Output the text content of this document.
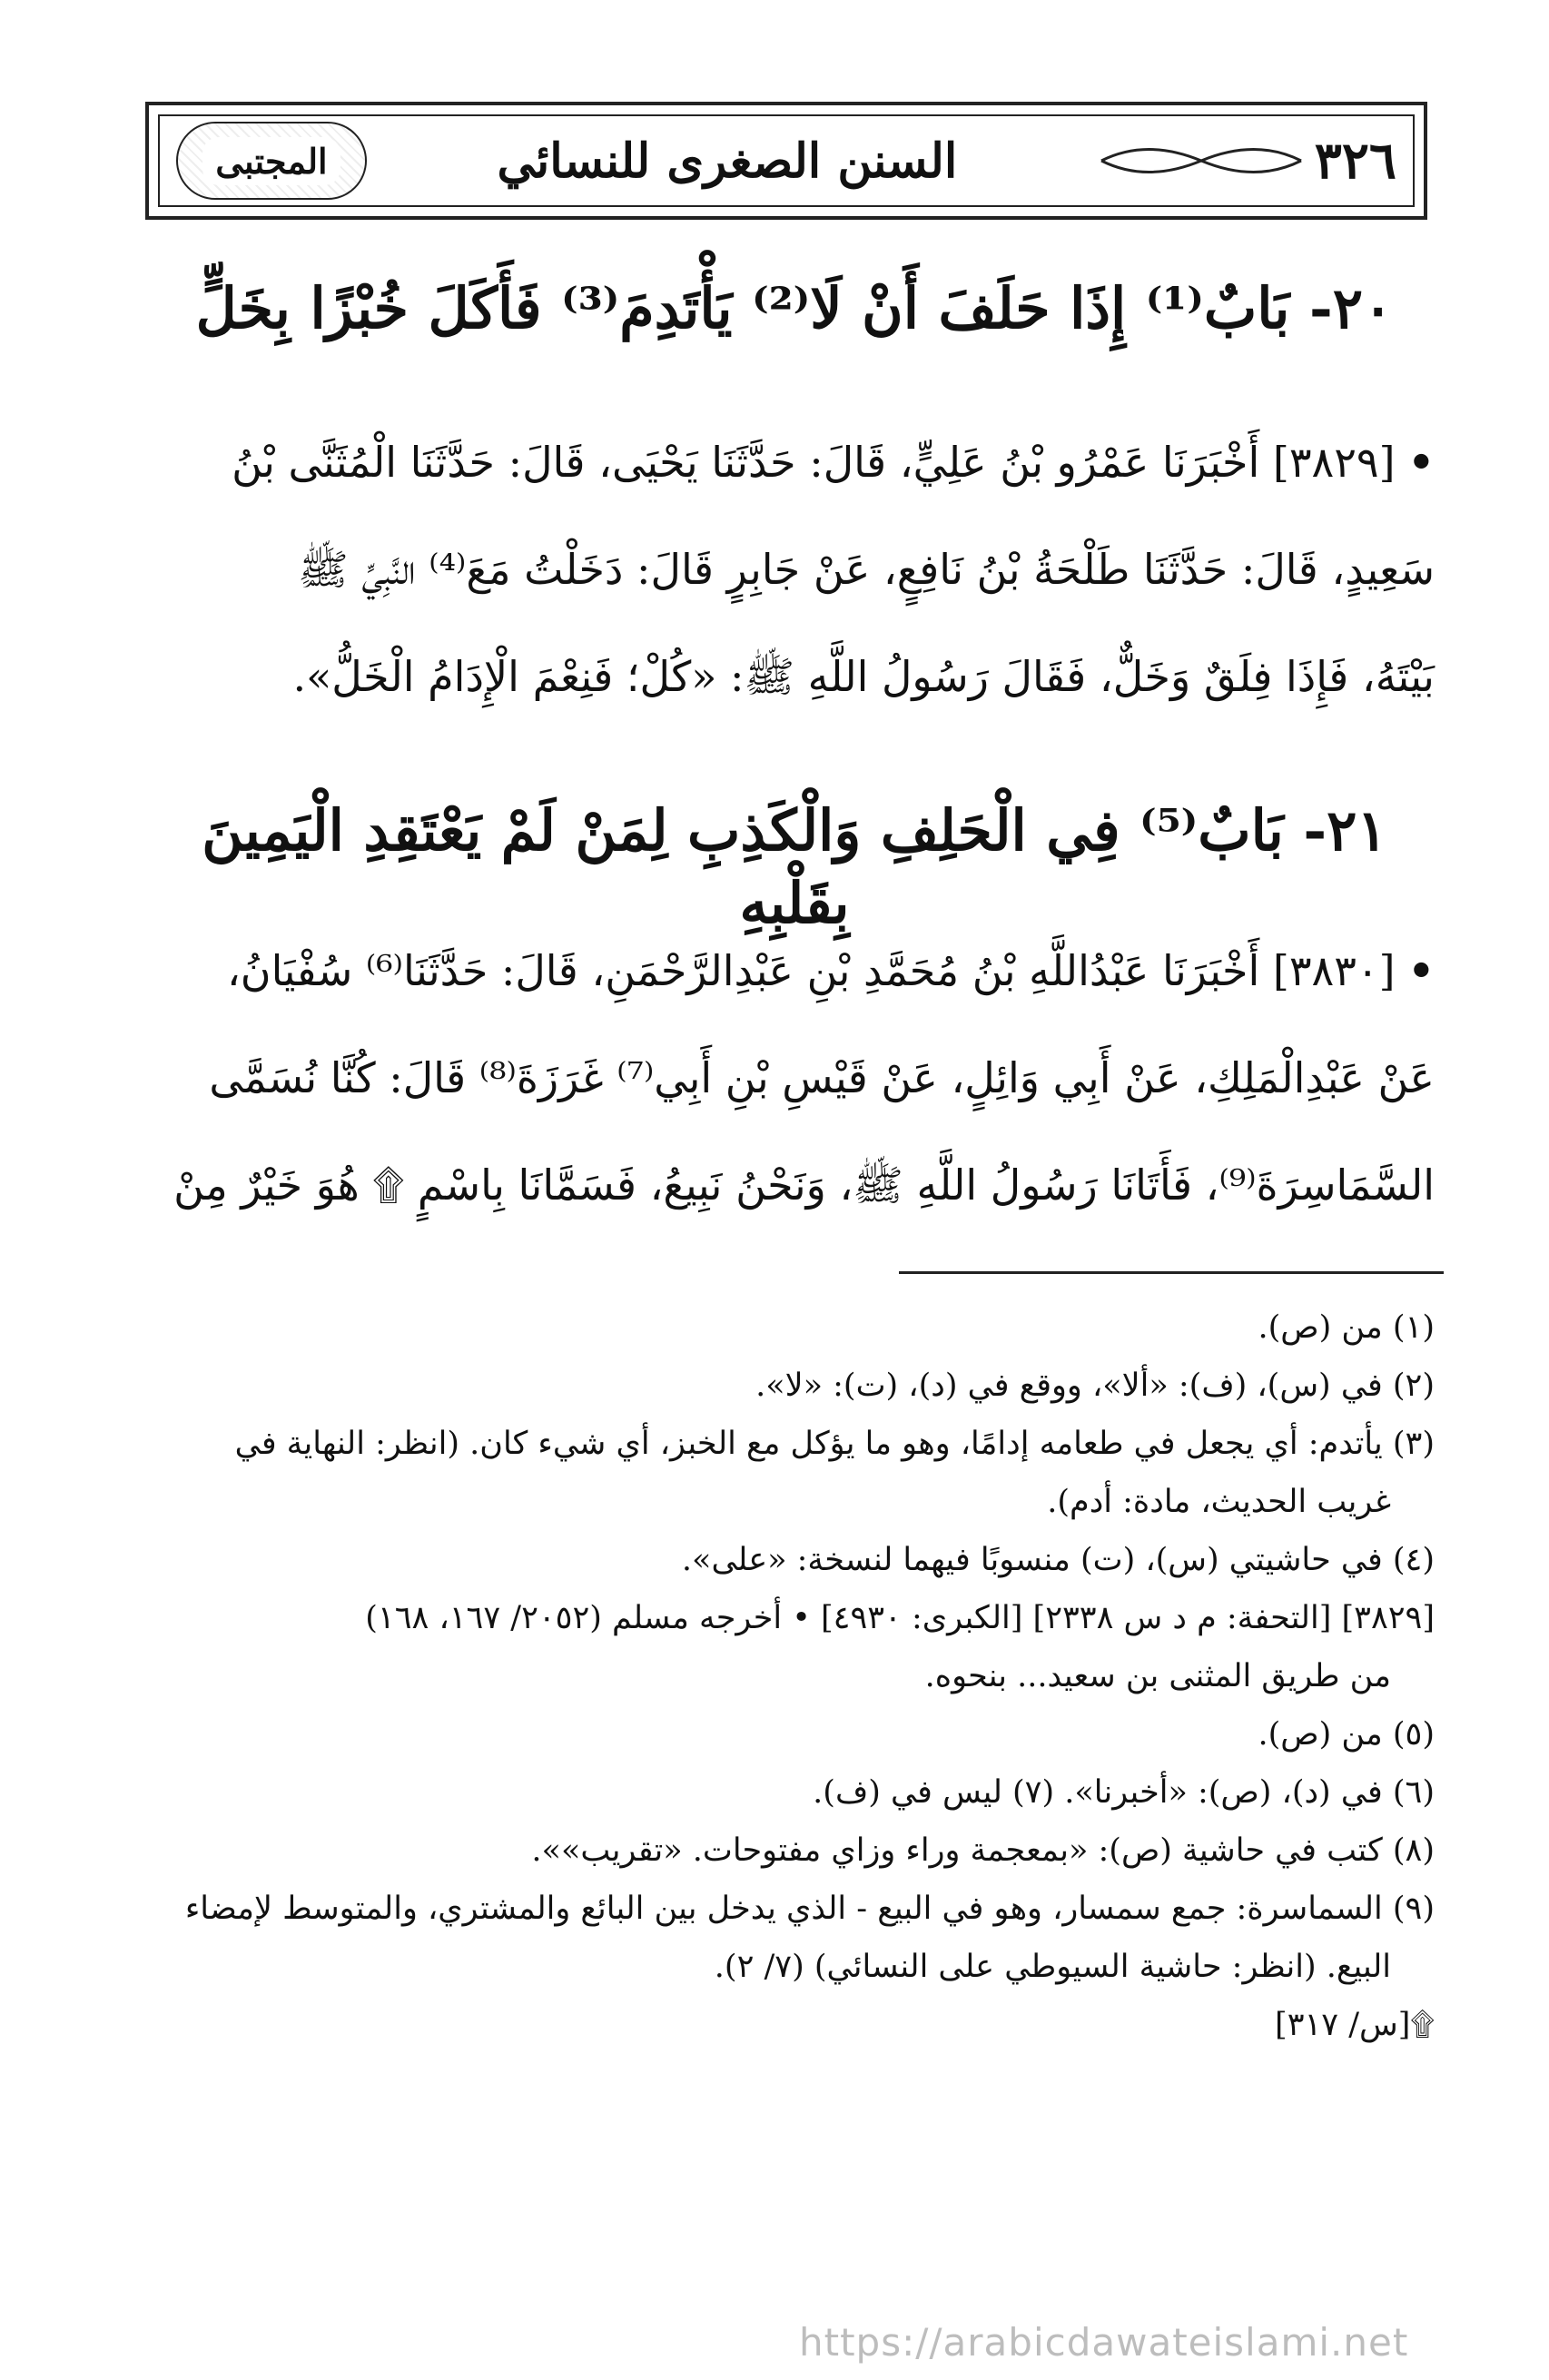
المجتبى	السنن الصغرى للنسائي	٣٢٦
٢٠- بَابٌ⁽¹⁾ إِذَا حَلَفَ أَنْ لَا⁽²⁾ يَأْتَدِمَ⁽³⁾ فَأَكَلَ خُبْزًا بِخَلٍّ
•[٣٨٢٩] أَخْبَرَنَا عَمْرُو بْنُ عَلِيٍّ، قَالَ: حَدَّثَنَا يَحْيَى، قَالَ: حَدَّثَنَا الْمُثَنَّى بْنُ
سَعِيدٍ، قَالَ: حَدَّثَنَا طَلْحَةُ بْنُ نَافِعٍ، عَنْ جَابِرٍ قَالَ: دَخَلْتُ مَعَ⁽⁴⁾ النَّبِيِّ ﷺ
بَيْتَهُ، فَإِذَا فِلَقٌ وَخَلٌّ، فَقَالَ رَسُولُ اللَّهِ ﷺ: «كُلْ؛ فَنِعْمَ الْإِدَامُ الْخَلُّ».
٢١- بَابٌ⁽⁵⁾ فِي الْحَلِفِ وَالْكَذِبِ لِمَنْ لَمْ يَعْتَقِدِ الْيَمِينَ بِقَلْبِهِ
•[٣٨٣٠] أَخْبَرَنَا عَبْدُاللَّهِ بْنُ مُحَمَّدِ بْنِ عَبْدِالرَّحْمَنِ، قَالَ: حَدَّثَنَا⁽⁶⁾ سُفْيَانُ،
عَنْ عَبْدِالْمَلِكِ، عَنْ أَبِي وَائِلٍ، عَنْ قَيْسِ بْنِ أَبِي⁽⁷⁾ غَرَزَةَ⁽⁸⁾ قَالَ: كُنَّا نُسَمَّى
السَّمَاسِرَةَ⁽⁹⁾، فَأَتَانَا رَسُولُ اللَّهِ ﷺ، وَنَحْنُ نَبِيعُ، فَسَمَّانَا بِاسْمٍ ۩ هُوَ خَيْرٌ مِنْ
(١) من (ص).
(٢) في (س)، (ف): «ألا»، ووقع في (د)، (ت): «لا».
(٣) يأتدم: أي يجعل في طعامه إدامًا، وهو ما يؤكل مع الخبز، أي شيء كان. (انظر: النهاية في
غريب الحديث، مادة: أدم).
(٤) في حاشيتي (س)، (ت) منسوبًا فيهما لنسخة: «على».
[٣٨٢٩] [التحفة: م د س ٢٣٣٨] [الكبرى: ٤٩٣٠] • أخرجه مسلم (٢٠٥٢/ ١٦٧، ١٦٨)
من طريق المثنى بن سعيد... بنحوه.
(٥) من (ص).
(٦) في (د)، (ص): «أخبرنا». (٧) ليس في (ف).
(٨) كتب في حاشية (ص): «بمعجمة وراء وزاي مفتوحات. «تقريب»».
(٩) السماسرة: جمع سمسار، وهو في البيع - الذي يدخل بين البائع والمشتري، والمتوسط لإمضاء
البيع. (انظر: حاشية السيوطي على النسائي) (٧/ ٢).
۩[س/ ٣١٧]
https://arabicdawateislami.net
